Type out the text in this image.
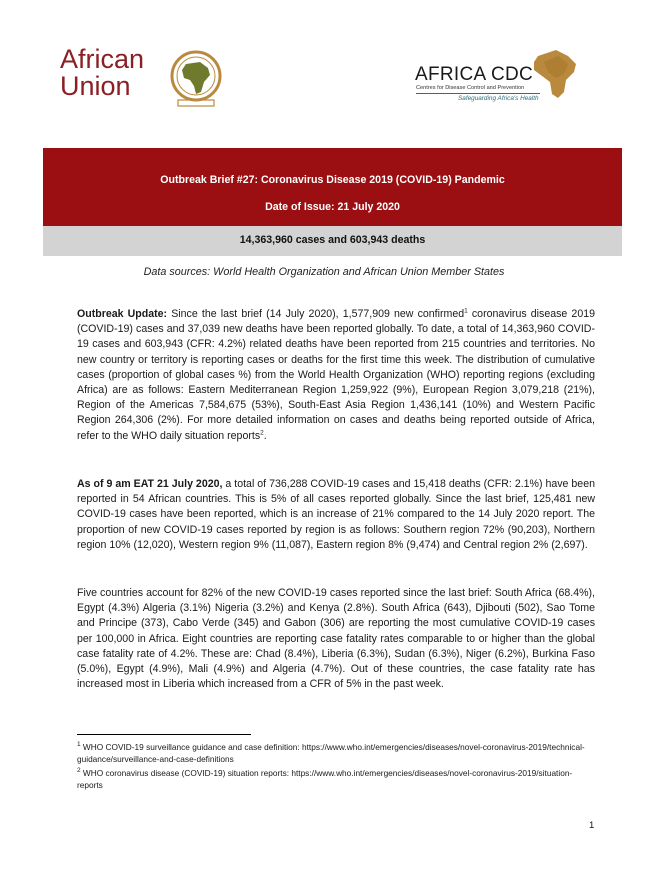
African
Union	AFRICA CDC
Centres for Disease Control and Prevention
Safeguarding Africa's Health
Outbreak Brief #27: Coronavirus Disease 2019 (COVID-19) Pandemic
Date of Issue: 21 July 2020
14,363,960 cases and 603,943 deaths
Data sources: World Health Organization and African Union Member States
Outbreak Update: Since the last brief (14 July 2020), 1,577,909 new confirmed$^1$ coronavirus disease 2019 (COVID-19) cases and 37,039 new deaths have been reported globally. To date, a total of 14,363,960 COVID-19 cases and 603,943 (CFR: 4.2%) related deaths have been reported from 215 countries and territories. No new country or territory is reporting cases or deaths for the first time this week. The distribution of cumulative cases (proportion of global cases %) from the World Health Organization (WHO) reporting regions (excluding Africa) are as follows: Eastern Mediterranean Region 1,259,922 (9%), European Region 3,079,218 (21%), Region of the Americas 7,584,675 (53%), South-East Asia Region 1,436,141 (10%) and Western Pacific Region 264,306 (2%). For more detailed information on cases and deaths being reported outside of Africa, refer to the WHO daily situation reports$^2$.
As of 9 am EAT 21 July 2020, a total of 736,288 COVID-19 cases and 15,418 deaths (CFR: 2.1%) have been reported in 54 African countries. This is 5% of all cases reported globally. Since the last brief, 125,481 new COVID-19 cases have been reported, which is an increase of 21% compared to the 14 July 2020 report. The proportion of new COVID-19 cases reported by region is as follows: Southern region 72% (90,203), Northern region 10% (12,020), Western region 9% (11,087), Eastern region 8% (9,474) and Central region 2% (2,697).
Five countries account for 82% of the new COVID-19 cases reported since the last brief: South Africa (68.4%), Egypt (4.3%) Algeria (3.1%) Nigeria (3.2%) and Kenya (2.8%). South Africa (643), Djibouti (502), Sao Tome and Principe (373), Cabo Verde (345) and Gabon (306) are reporting the most cumulative COVID-19 cases per 100,000 in Africa. Eight countries are reporting case fatality rates comparable to or higher than the global case fatality rate of 4.2%. These are: Chad (8.4%), Liberia (6.3%), Sudan (6.3%), Niger (6.2%), Burkina Faso (5.0%), Egypt (4.9%), Mali (4.9%) and Algeria (4.7%). Out of these countries, the case fatality rate has increased most in Liberia which increased from a CFR of 5% in the past week.
$^1$ WHO COVID-19 surveillance guidance and case definition: https://www.who.int/emergencies/diseases/novel-coronavirus-2019/technical-guidance/surveillance-and-case-definitions
$^2$ WHO coronavirus disease (COVID-19) situation reports: https://www.who.int/emergencies/diseases/novel-coronavirus-2019/situation-reports
1
